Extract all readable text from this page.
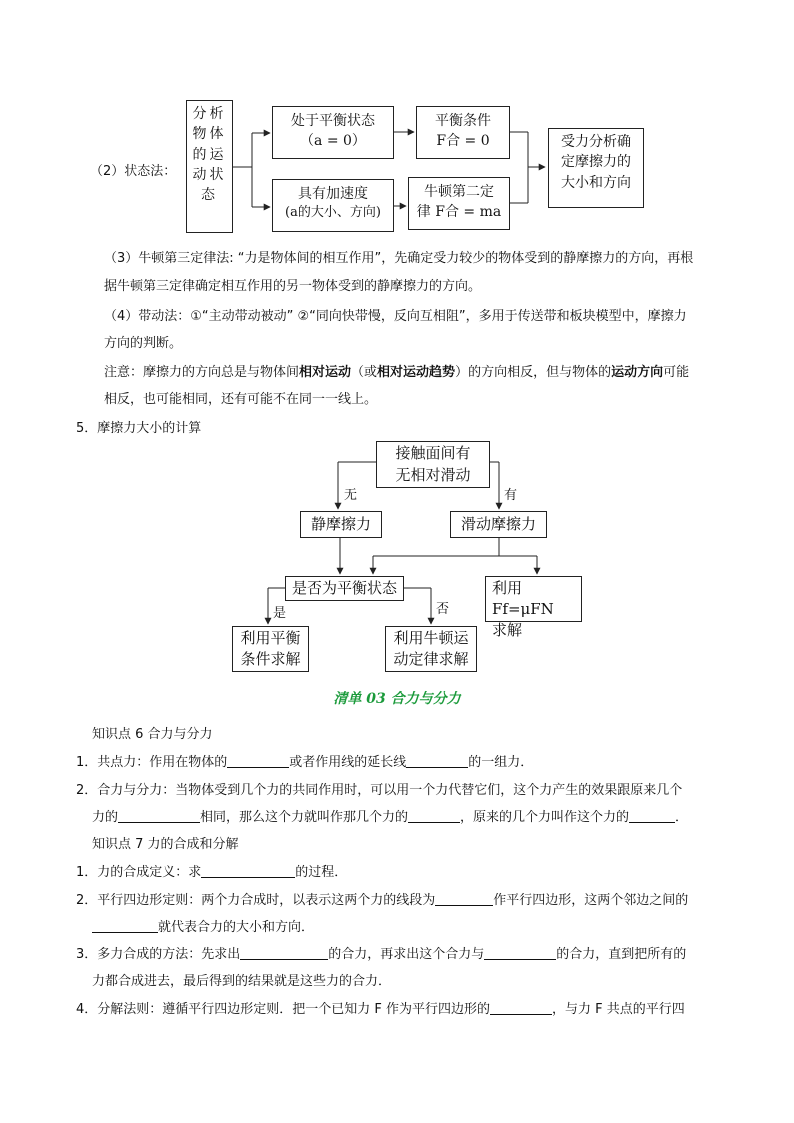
（2）状态法：
分析
物体
的运
动状
态
处于平衡状态
（a = 0）
平衡条件
F合 = 0
具有加速度
(a的大小、方向)
牛顿第二定
律 F合 = ma
受力分析确
定摩擦力的
大小和方向
（3）牛顿第三定律法: “力是物体间的相互作用”，先确定受力较少的物体受到的静摩擦力的方向，再根
据牛顿第三定律确定相互作用的另一物体受到的静摩擦力的方向。
（4）带动法：①“主动带动被动” ②“同向快带慢，反向互相阻”，多用于传送带和板块模型中，摩擦力
方向的判断。
注意：摩擦力的方向总是与物体间相对运动（或相对运动趋势）的方向相反，但与物体的运动方向可能
相反，也可能相同，还有可能不在同一一线上。
5．摩擦力大小的计算
接触面间有
无相对滑动
无	有
静摩擦力	滑动摩擦力
是否为平衡状态	利用Ff=μFN
求解
是	否
利用平衡
条件求解
利用牛顿运
动定律求解
清单 03 合力与分力
知识点 6 合力与分力
1．共点力：作用在物体的	或者作用线的延长线	的一组力．
2．合力与分力：当物体受到几个力的共同作用时，可以用一个力代替它们，这个力产生的效果跟原来几个
力的	相同，那么这个力就叫作那几个力的	，原来的几个力叫作这个力的	．
知识点 7 力的合成和分解
1．力的合成定义：求	的过程．
2．平行四边形定则：两个力合成时，以表示这两个力的线段为	作平行四边形，这两个邻边之间的
就代表合力的大小和方向．
3．多力合成的方法：先求出	的合力，再求出这个合力与	的合力，直到把所有的
力都合成进去，最后得到的结果就是这些力的合力．
4．分解法则：遵循平行四边形定则．把一个已知力 F 作为平行四边形的	，与力 F 共点的平行四
